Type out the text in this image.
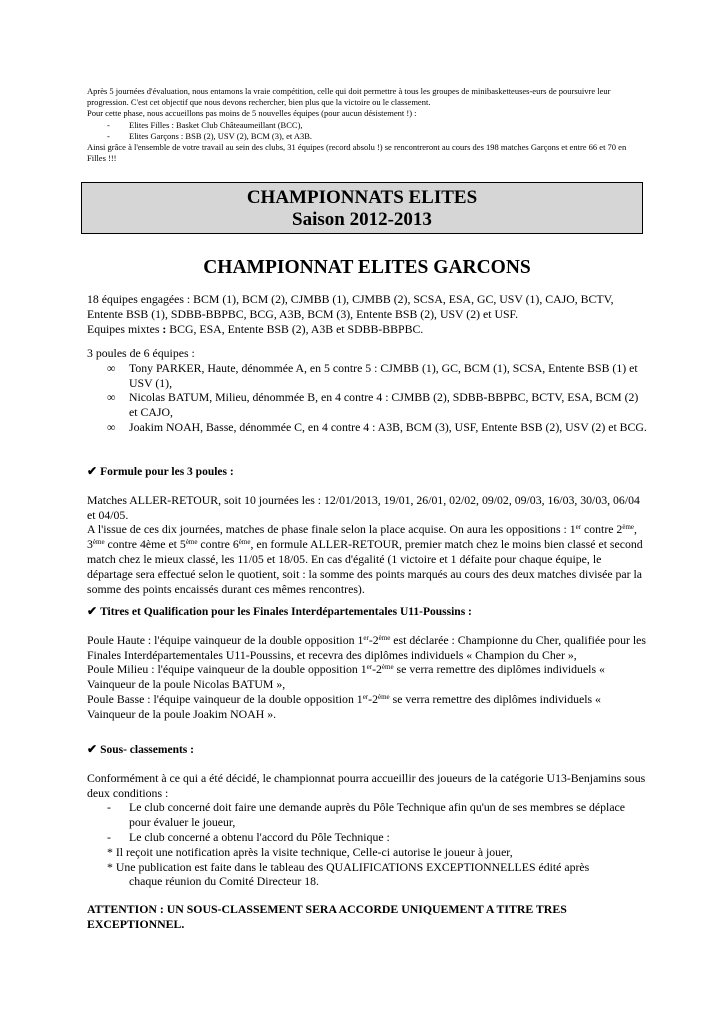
Après 5 journées d'évaluation, nous entamons la vraie compétition, celle qui doit permettre à tous les groupes de minibasketteuses-eurs de poursuivre leur progression. C'est cet objectif que nous devons rechercher, bien plus que la victoire ou le classement.

Pour cette phase, nous accueillons pas moins de 5 nouvelles équipes (pour aucun désistement !) :

- Elites Filles : Basket Club Châteaumeillant (BCC),

- Elites Garçons : BSB (2), USV (2), BCM (3), et A3B.

Ainsi grâce à l'ensemble de votre travail au sein des clubs, 31 équipes (record absolu !) se rencontreront au cours des 198 matches Garçons et entre 66 et 70 en Filles !!!

CHAMPIONNATS ELITES
Saison 2012-2013
CHAMPIONNAT ELITES GARCONS

18 équipes engagées : BCM (1), BCM (2), CJMBB (1), CJMBB (2), SCSA, ESA, GC, USV (1), CAJO, BCTV, Entente BSB (1), SDBB-BBPBC, BCG, A3B, BCM (3), Entente BSB (2), USV (2) et USF.

Equipes mixtes : BCG, ESA, Entente BSB (2), A3B et SDBB-BBPBC.

3 poules de 6 équipes :

∞ Tony PARKER, Haute, dénommée A, en 5 contre 5 : CJMBB (1), GC, BCM (1), SCSA, Entente BSB (1) et USV (1),

∞ Nicolas BATUM, Milieu, dénommée B, en 4 contre 4 : CJMBB (2), SDBB-BBPBC, BCTV, ESA, BCM (2) et CAJO,

∞ Joakim NOAH, Basse, dénommée C, en 4 contre 4 : A3B, BCM (3), USF, Entente BSB (2), USV (2) et BCG.

✔ Formule pour les 3 poules :

Matches ALLER-RETOUR, soit 10 journées les : 12/01/2013, 19/01, 26/01, 02/02, 09/02, 09/03, 16/03, 30/03, 06/04 et 04/05.

A l'issue de ces dix journées, matches de phase finale selon la place acquise. On aura les oppositions : 1er contre 2ème, 3ème contre 4ème et 5ème contre 6ème, en formule ALLER-RETOUR, premier match chez le moins bien classé et second match chez le mieux classé, les 11/05 et 18/05. En cas d'égalité (1 victoire et 1 défaite pour chaque équipe, le départage sera effectué selon le quotient, soit : la somme des points marqués au cours des deux matches divisée par la somme des points encaissés durant ces mêmes rencontres).

✔ Titres et Qualification pour les Finales Interdépartementales U11-Poussins :

Poule Haute : l'équipe vainqueur de la double opposition 1er-2ème est déclarée : Championne du Cher, qualifiée pour les Finales Interdépartementales U11-Poussins, et recevra des diplômes individuels « Champion du Cher »,

Poule Milieu : l'équipe vainqueur de la double opposition 1er-2ème se verra remettre des diplômes individuels « Vainqueur de la poule Nicolas BATUM »,

Poule Basse : l'équipe vainqueur de la double opposition 1er-2ème se verra remettre des diplômes individuels « Vainqueur de la poule Joakim NOAH ».

✔ Sous- classements :

Conformément à ce qui a été décidé, le championnat pourra accueillir des joueurs de la catégorie U13-Benjamins sous deux conditions :

- Le club concerné doit faire une demande auprès du Pôle Technique afin qu'un de ses membres se déplace pour évaluer le joueur,

- Le club concerné a obtenu l'accord du Pôle Technique :

* Il reçoit une notification après la visite technique, Celle-ci autorise le joueur à jouer,

* Une publication est faite dans le tableau des QUALIFICATIONS EXCEPTIONNELLES édité après

chaque réunion du Comité Directeur 18.

ATTENTION : UN SOUS-CLASSEMENT SERA ACCORDE UNIQUEMENT A TITRE TRES EXCEPTIONNEL.
